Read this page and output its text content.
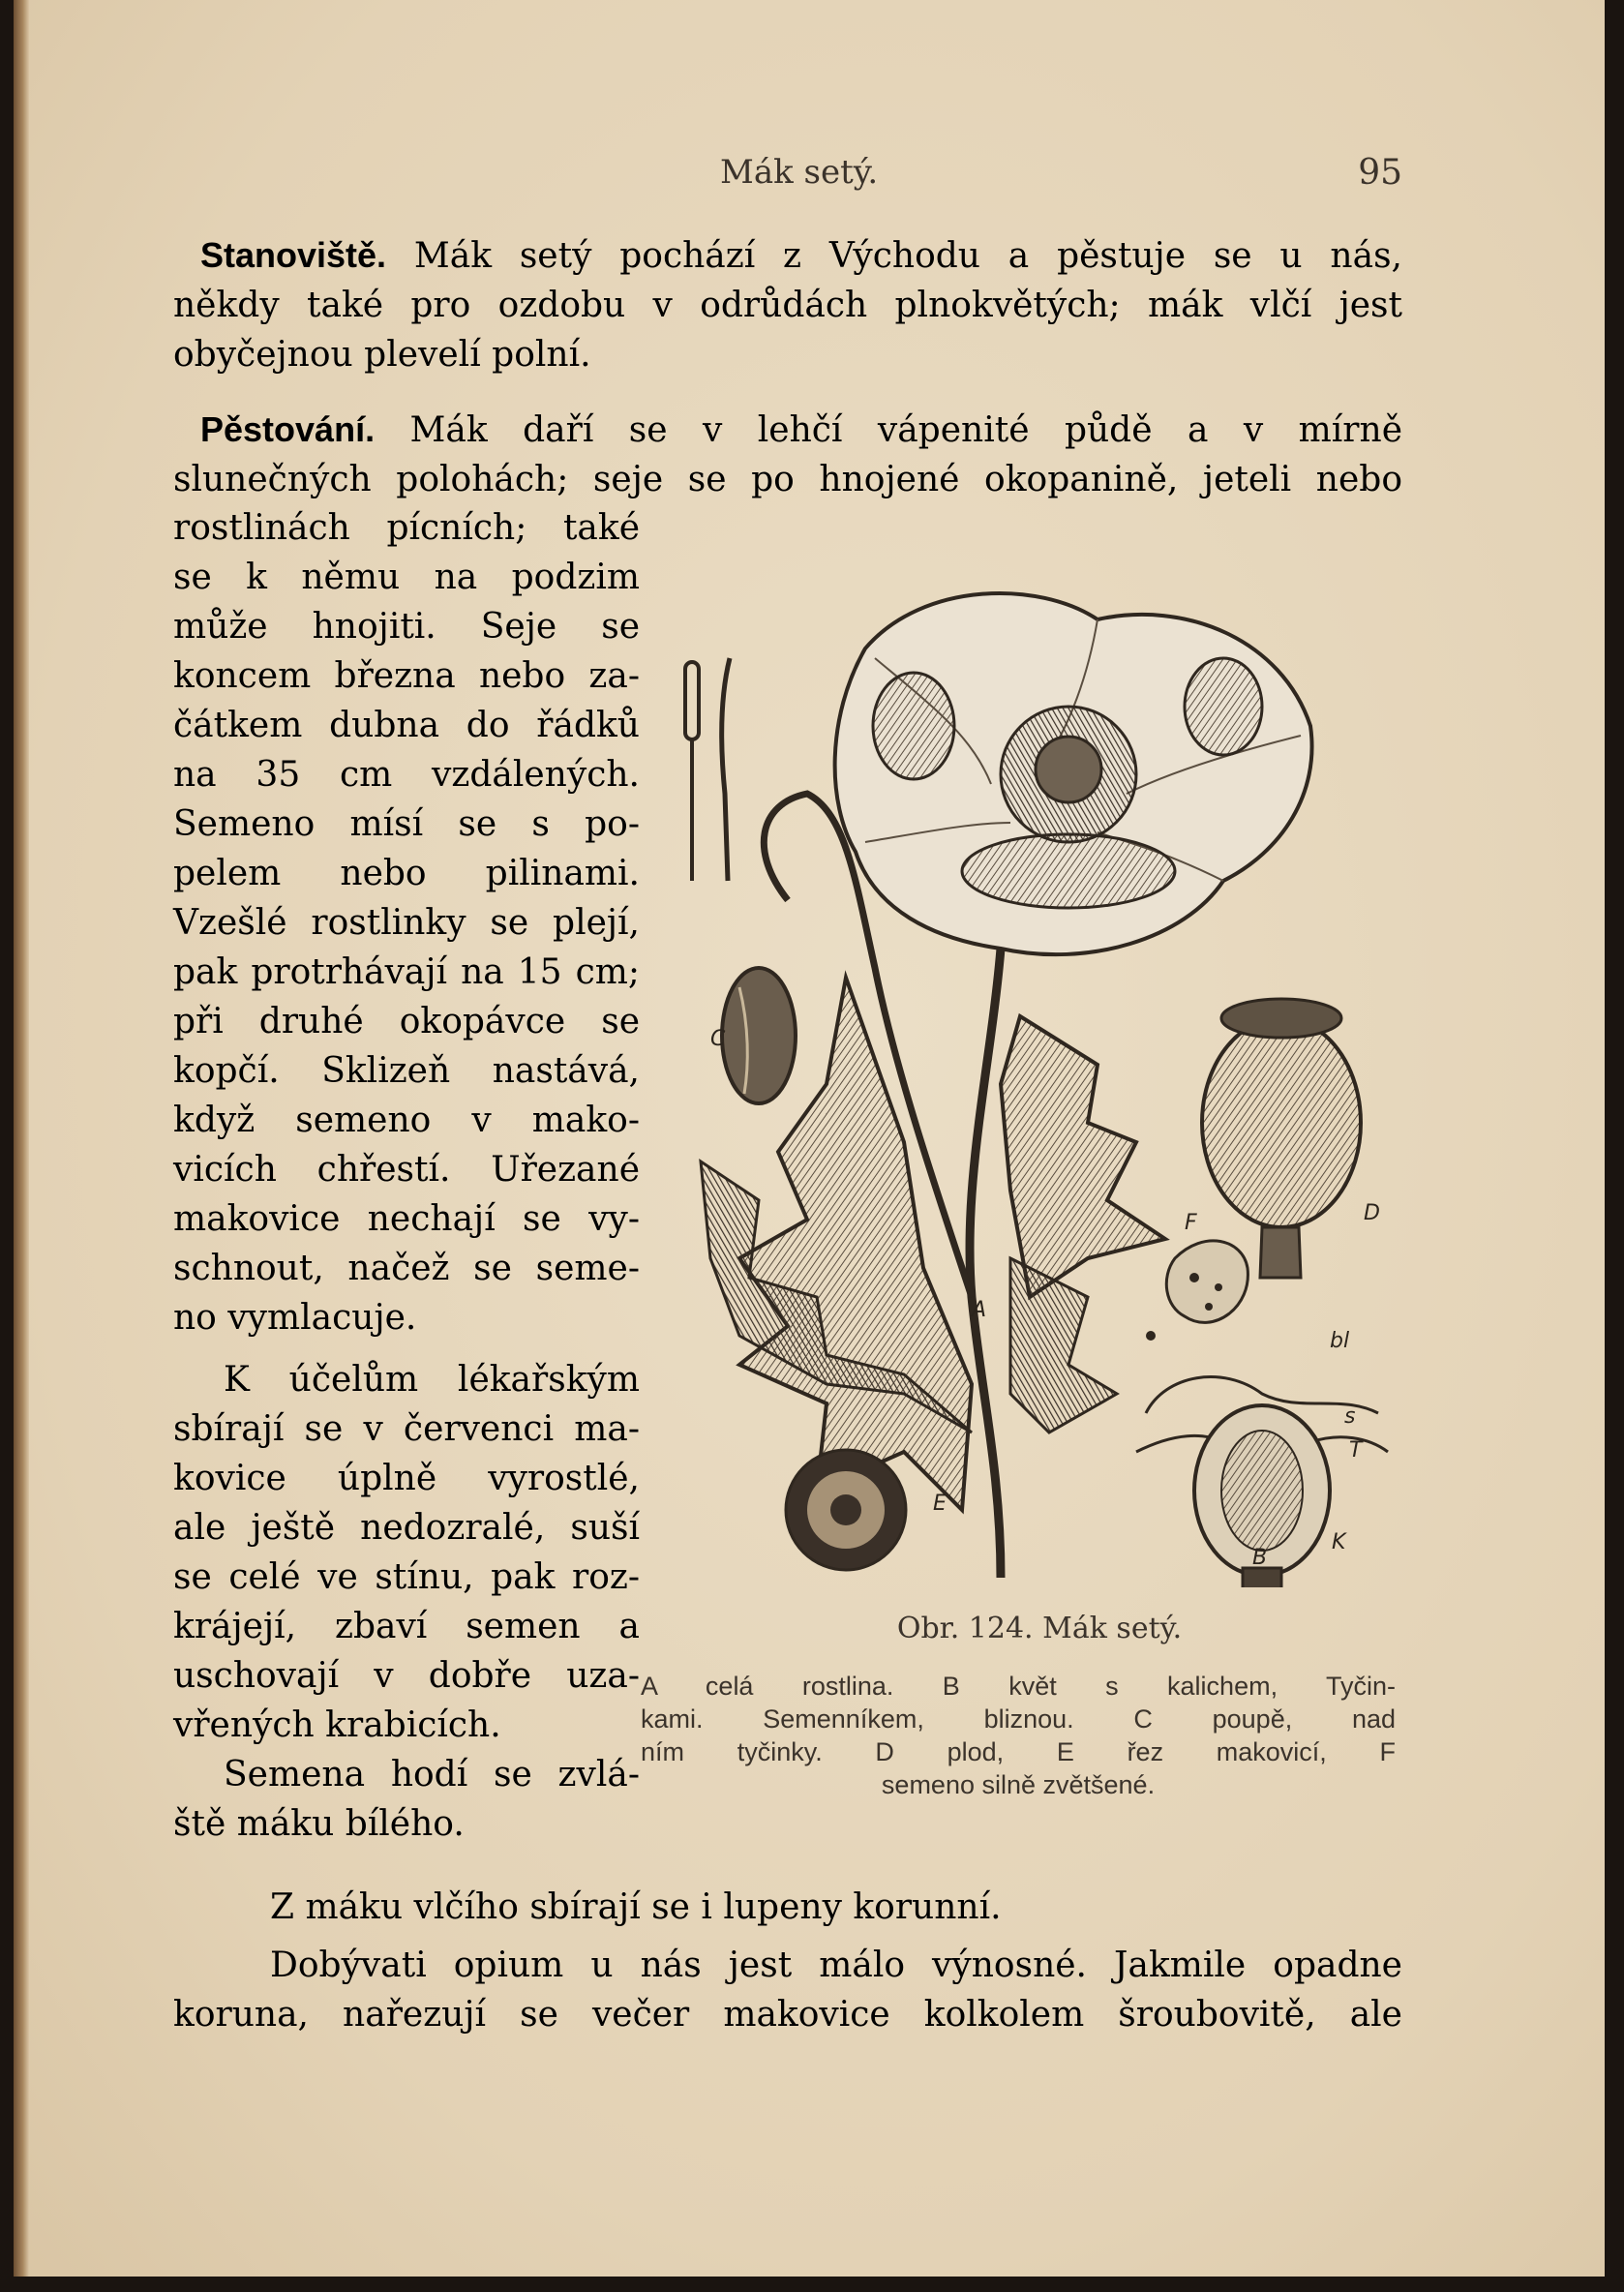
Mák setý.	95
Stanoviště. Mák setý pochází z Východu a pěstuje se u nás,
někdy také pro ozdobu v odrůdách plnokvětých; mák vlčí jest
obyčejnou plevelí polní.
Pěstování. Mák daří se v lehčí vápenité půdě a v mírně
slunečných polohách; seje se po hnojené okopanině, jeteli nebo
rostlinách pícních; také
se k němu na podzim
může hnojiti. Seje se
koncem března nebo za-
čátkem dubna do řádků
na 35 cm vzdálených.
Semeno mísí se s po-
pelem nebo pilinami.
Vzešlé rostlinky se plejí,
pak protrhávají na 15 cm;
při druhé okopávce se
kopčí. Sklizeň nastává,
když semeno v mako-
vicích chřestí. Uřezané
makovice nechají se vy-
schnout, načež se seme-
no vymlacuje.
K účelům lékařským
sbírají se v červenci ma-
kovice úplně vyrostlé,
ale ještě nedozralé, suší
se celé ve stínu, pak roz-
krájejí, zbaví semen a
uschovají v dobře uza-
vřených krabicích.
Semena hodí se zvlá-
ště máku bílého.
Z máku vlčího sbírají se i lupeny korunní.
Dobývati opium u nás jest málo výnosné. Jakmile opadne
koruna, nařezují se večer makovice kolkolem šroubovitě, ale
A
B
C
D
E
F
bl
s
T
K
Obr. 124. Mák setý.
A celá rostlina. B květ s kalichem, Tyčin-
kami. Semenníkem, bliznou. C poupě, nad
ním tyčinky. D plod, E řez makovicí, F
semeno silně zvětšené.
